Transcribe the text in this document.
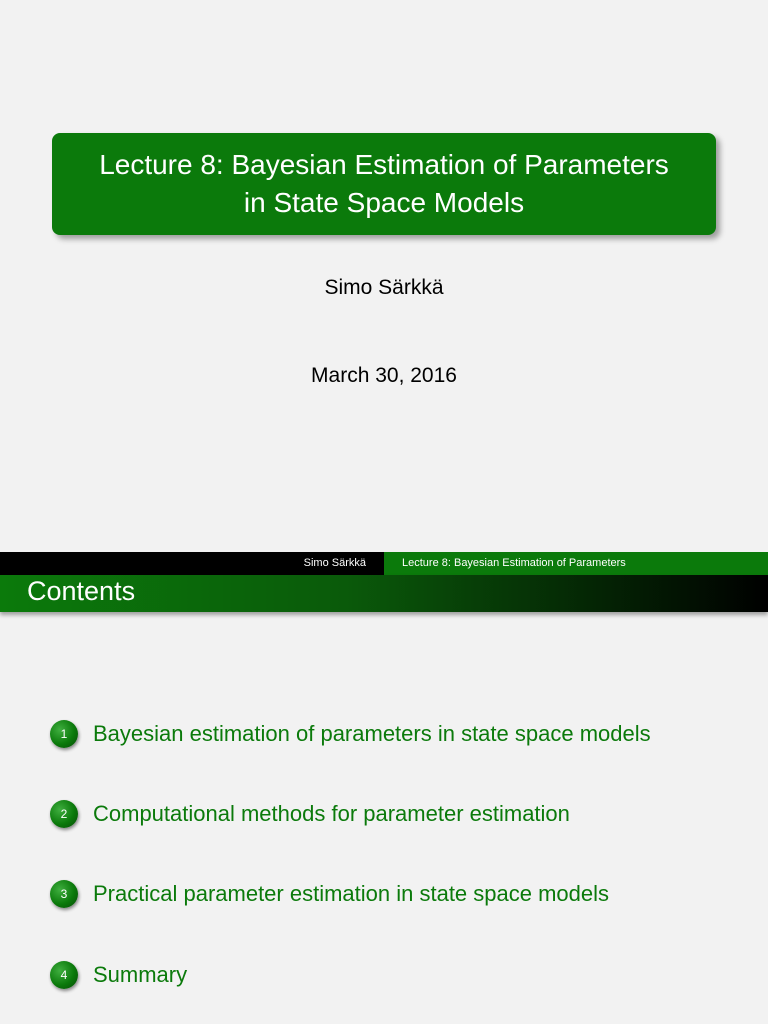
Lecture 8: Bayesian Estimation of Parameters
in State Space Models
Simo Särkkä
March 30, 2016
Simo Särkkä	Lecture 8: Bayesian Estimation of Parameters
Contents
1	Bayesian estimation of parameters in state space models
2	Computational methods for parameter estimation
3	Practical parameter estimation in state space models
4	Summary
